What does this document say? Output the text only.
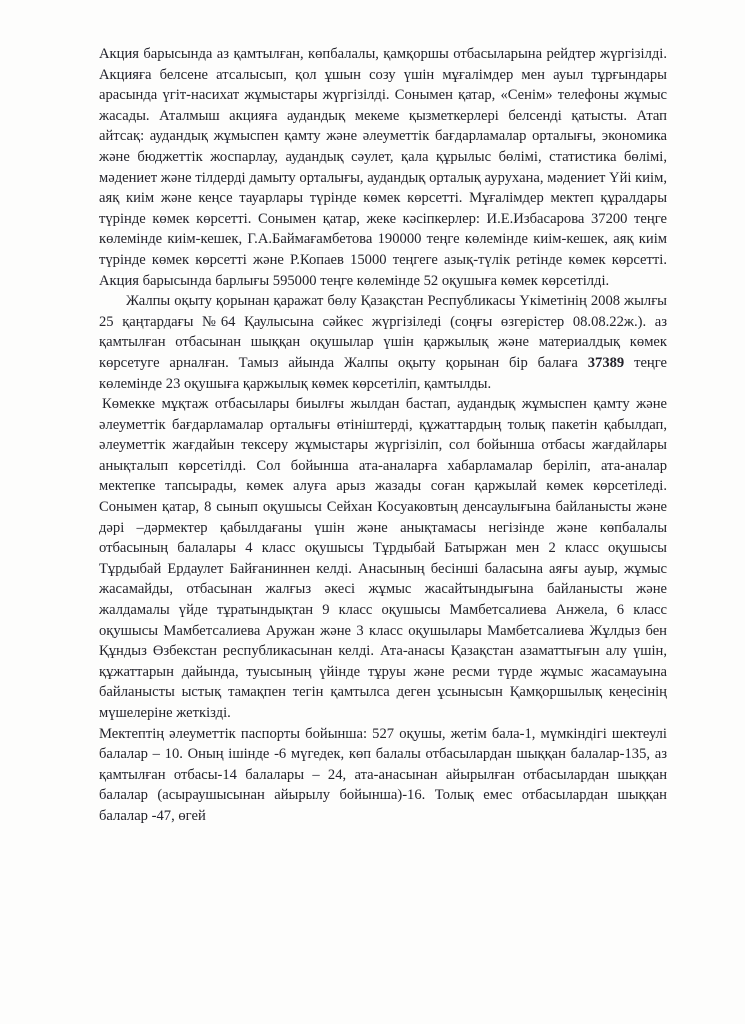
Акция барысында аз қамтылған, көпбалалы, қамқоршы отбасыларына рейдтер жүргізілді. Акцияға белсене атсалысып, қол ұшын созу үшін мұғалімдер мен ауыл тұрғындары арасында үгіт-насихат жұмыстары жүргізілді. Сонымен қатар, «Сенім» телефоны жұмыс жасады. Аталмыш акцияға аудандық мекеме қызметкерлері белсенді қатысты. Атап айтсақ: аудандық жұмыспен қамту және әлеуметтік бағдарламалар орталығы, экономика және бюджеттік жоспарлау, аудандық сәулет, қала құрылыс бөлімі, статистика бөлімі, мәдениет және тілдерді дамыту орталығы, аудандық орталық аурухана, мәдениет Үйі киім, аяқ киім және кеңсе тауарлары түрінде көмек көрсетті. Мұғалімдер мектеп құралдары түрінде көмек көрсетті. Сонымен қатар, жеке кәсіпкерлер: И.Е.Избасарова 37200 теңге көлемінде киім-кешек, Г.А.Баймағамбетова 190000 теңге көлемінде киім-кешек, аяқ киім түрінде көмек көрсетті және Р.Копаев 15000 теңгеге азық-түлік ретінде көмек көрсетті. Акция барысында барлығы 595000 теңге көлемінде 52 оқушыға көмек көрсетілді.

Жалпы оқыту қорынан қаражат бөлу Қазақстан Республикасы Үкіметінің 2008 жылғы 25 қаңтардағы №64 Қаулысына сәйкес жүргізіледі (соңғы өзгерістер 08.08.22ж.). аз қамтылған отбасынан шыққан оқушылар үшін қаржылық және материалдық көмек көрсетуге арналған. Тамыз айында Жалпы оқыту қорынан бір балаға 37389 теңге көлемінде 23 оқушыға қаржылық көмек көрсетіліп, қамтылды.

Көмекке мұқтаж отбасылары биылғы жылдан бастап, аудандық жұмыспен қамту және әлеуметтік бағдарламалар орталығы өтініштерді, құжаттардың толық пакетін қабылдап, әлеуметтік жағдайын тексеру жұмыстары жүргізіліп, сол бойынша отбасы жағдайлары анықталып көрсетілді. Сол бойынша ата-аналарға хабарламалар беріліп, ата-аналар мектепке тапсырады, көмек алуға арыз жазады соған қаржылай көмек көрсетіледі. Сонымен қатар, 8 сынып оқушысы Сейхан Косуаковтың денсаулығына байланысты және дәрі –дәрмектер қабылдағаны үшін және анықтамасы негізінде және көпбалалы отбасының балалары 4 класс оқушысы Тұрдыбай Батыржан мен 2 класс оқушысы Тұрдыбай Ердаулет Байғаниннен келді. Анасының бесінші баласына аяғы ауыр, жұмыс жасамайды, отбасынан жалғыз әкесі жұмыс жасайтындығына байланысты және жалдамалы үйде тұратындықтан 9 класс оқушысы Мамбетсалиева Анжела, 6 класс оқушысы Мамбетсалиева Аружан және 3 класс оқушылары Мамбетсалиева Жұлдыз бен Құндыз Өзбекстан республикасынан келді. Ата-анасы Қазақстан азаматтығын алу үшін, құжаттарын дайында, туысының үйінде тұруы және ресми түрде жұмыс жасамауына байланысты ыстық тамақпен тегін қамтылса деген ұсынысын Қамқоршылық кеңесінің мүшелеріне жеткізді.

Мектептің әлеуметтік паспорты бойынша: 527 оқушы, жетім бала-1, мүмкіндігі шектеулі балалар – 10. Оның ішінде -6 мүгедек, көп балалы отбасылардан шыққан балалар-135, аз қамтылған отбасы-14 балалары – 24, ата-анасынан айырылған отбасылардан шыққан балалар (асыраушысынан айырылу бойынша)-16. Толық емес отбасылардан шыққан балалар -47, өгей
